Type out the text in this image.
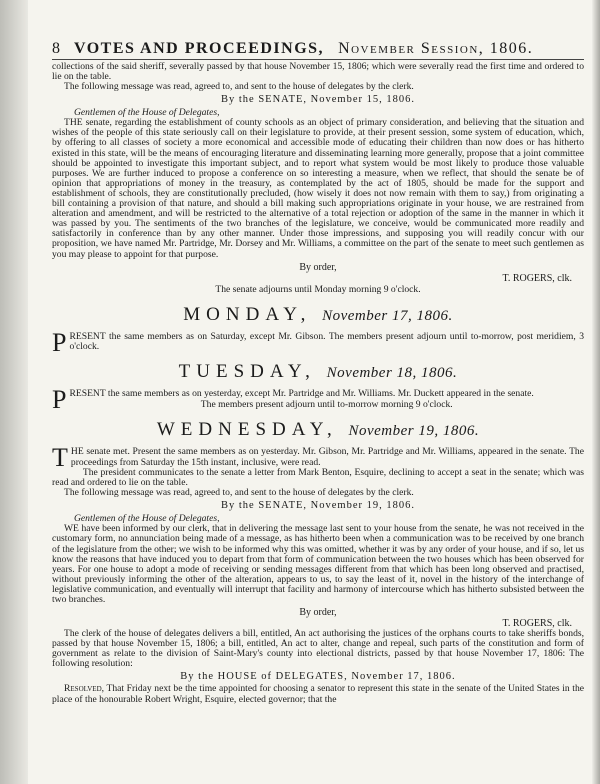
8 VOTES AND PROCEEDINGS, November Session, 1806.

collections of the said sheriff, severally passed by that house November 15, 1806; which were severally read the first time and ordered to lie on the table.

The following message was read, agreed to, and sent to the house of delegates by the clerk.

By the SENATE, November 15, 1806.

Gentlemen of the House of Delegates,

THE senate, regarding the establishment of county schools as an object of primary consideration, and believing that the situation and wishes of the people of this state seriously call on their legislature to provide, at their present session, some system of education, which, by offering to all classes of society a more economical and accessible mode of educating their children than now does or has hitherto existed in this state, will be the means of encouraging literature and disseminating learning more generally, propose that a joint committee should be appointed to investigate this important subject, and to report what system would be most likely to produce those valuable purposes. We are further induced to propose a conference on so interesting a measure, when we reflect, that should the senate be of opinion that appropriations of money in the treasury, as contemplated by the act of 1805, should be made for the support and establishment of schools, they are constitutionally precluded, (how wisely it does not now remain with them to say,) from originating a bill containing a provision of that nature, and should a bill making such appropriations originate in your house, we are restrained from alteration and amendment, and will be restricted to the alternative of a total rejection or adoption of the same in the manner in which it was passed by you. The sentiments of the two branches of the legislature, we conceive, would be communicated more readily and satisfactorily in conference than by any other manner. Under those impressions, and supposing you will readily concur with our proposition, we have named Mr. Partridge, Mr. Dorsey and Mr. Williams, a committee on the part of the senate to meet such gentlemen as you may please to appoint for that purpose.

By order,

T. ROGERS, clk.

The senate adjourns until Monday morning 9 o'clock.

MONDAY, November 17, 1806.

PRESENT the same members as on Saturday, except Mr. Gibson. The members present adjourn until to-morrow, post meridiem, 3 o'clock.

TUESDAY, November 18, 1806.

PRESENT the same members as on yesterday, except Mr. Partridge and Mr. Williams. Mr. Duckett appeared in the senate.

The members present adjourn until to-morrow morning 9 o'clock.

WEDNESDAY, November 19, 1806.

THE senate met. Present the same members as on yesterday. Mr. Gibson, Mr. Partridge and Mr. Williams, appeared in the senate. The proceedings from Saturday the 15th instant, inclusive, were read.

The president communicates to the senate a letter from Mark Benton, Esquire, declining to accept a seat in the senate; which was read and ordered to lie on the table.

The following message was read, agreed to, and sent to the house of delegates by the clerk.

By the SENATE, November 19, 1806.

Gentlemen of the House of Delegates,

WE have been informed by our clerk, that in delivering the message last sent to your house from the senate, he was not received in the customary form, no annunciation being made of a message, as has hitherto been when a communication was to be received by one branch of the legislature from the other; we wish to be informed why this was omitted, whether it was by any order of your house, and if so, let us know the reasons that have induced you to depart from that form of communication between the two houses which has been observed for years. For one house to adopt a mode of receiving or sending messages different from that which has been long observed and practised, without previously informing the other of the alteration, appears to us, to say the least of it, novel in the history of the interchange of legislative communication, and eventually will interrupt that facility and harmony of intercourse which has hitherto subsisted between the two branches.

By order,

T. ROGERS, clk.

The clerk of the house of delegates delivers a bill, entitled, An act authorising the justices of the orphans courts to take sheriffs bonds, passed by that house November 15, 1806; a bill, entitled, An act to alter, change and repeal, such parts of the constitution and form of government as relate to the division of Saint-Mary's county into electional districts, passed by that house November 17, 1806: The following resolution:

By the HOUSE of DELEGATES, November 17, 1806.

Resolved, That Friday next be the time appointed for choosing a senator to represent this state in the senate of the United States in the place of the honourable Robert Wright, Esquire, elected governor; that the
